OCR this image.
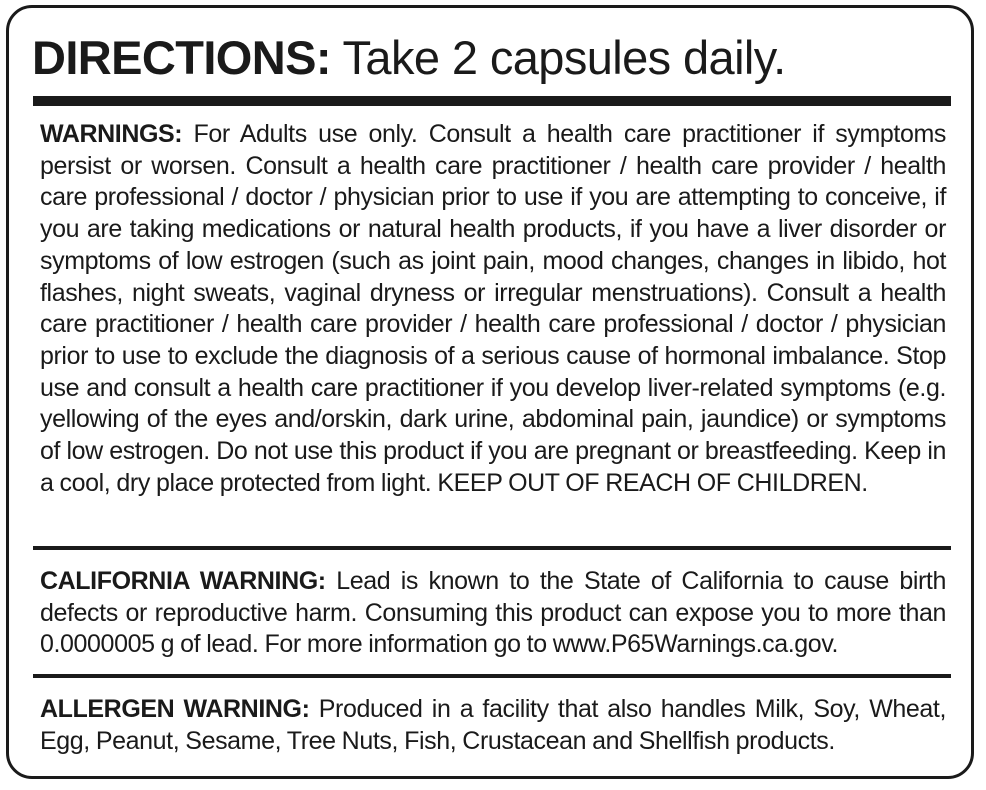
DIRECTIONS: Take 2 capsules daily.
WARNINGS: For Adults use only. Consult a health care practitioner if symptoms persist or worsen. Consult a health care practitioner / health care provider / health care professional / doctor / physician prior to use if you are attempting to conceive, if you are taking medications or natural health products, if you have a liver disorder or symptoms of low estrogen (such as joint pain, mood changes, changes in libido, hot flashes, night sweats, vaginal dryness or irregular menstruations). Consult a health care practitioner / health care provider / health care professional / doctor / physician prior to use to exclude the diagnosis of a serious cause of hormonal imbalance. Stop use and consult a health care practitioner if you develop liver-related symptoms (e.g. yellowing of the eyes and/orskin, dark urine, abdominal pain, jaundice) or symptoms of low estrogen. Do not use this product if you are pregnant or breastfeeding. Keep in a cool, dry place protected from light. KEEP OUT OF REACH OF CHILDREN.
CALIFORNIA WARNING: Lead is known to the State of California to cause birth defects or reproductive harm. Consuming this product can expose you to more than 0.0000005 g of lead. For more information go to www.P65Warnings.ca.gov.
ALLERGEN WARNING: Produced in a facility that also handles Milk, Soy, Wheat, Egg, Peanut, Sesame, Tree Nuts, Fish, Crustacean and Shellfish products.
